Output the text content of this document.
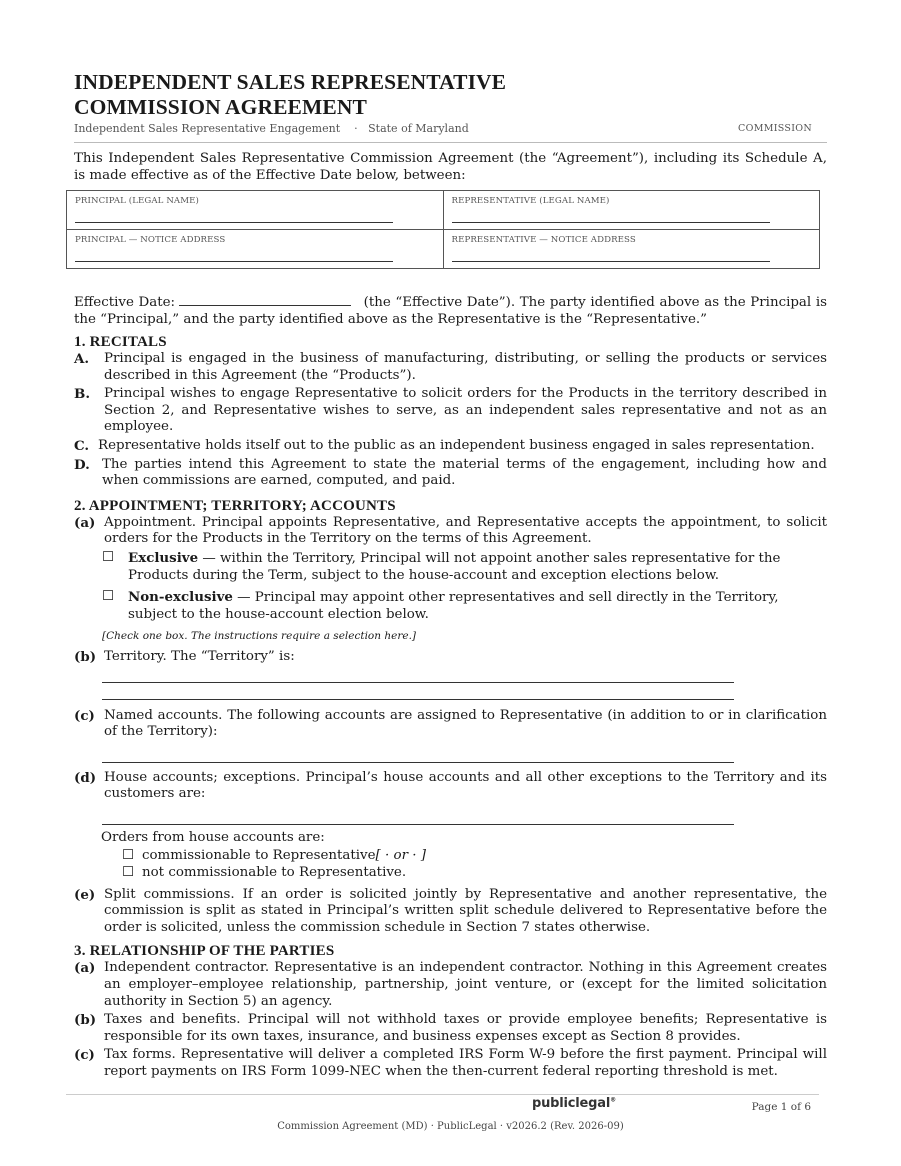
INDEPENDENT SALES REPRESENTATIVE
COMMISSION AGREEMENT
Independent Sales Representative Engagement · State of Maryland	COMMISSION
This Independent Sales Representative Commission Agreement (the “Agreement”), including its Schedule A, is made effective as of the Effective Date below, between:
PRINCIPAL (LEGAL NAME)	REPRESENTATIVE (LEGAL NAME)

PRINCIPAL — NOTICE ADDRESS	REPRESENTATIVE — NOTICE ADDRESS
Effective Date:	(the “Effective Date”). The party identified above as the Principal is the “Principal,” and the party identified above as the Representative is the “Representative.”
1. RECITALS
A. Principal is engaged in the business of manufacturing, distributing, or selling the products or services described in this Agreement (the “Products”).
B. Principal wishes to engage Representative to solicit orders for the Products in the territory described in Section 2, and Representative wishes to serve, as an independent sales representative and not as an employee.
C. Representative holds itself out to the public as an independent business engaged in sales representation.
D. The parties intend this Agreement to state the material terms of the engagement, including how and when commissions are earned, computed, and paid.
2. APPOINTMENT; TERRITORY; ACCOUNTS
(a) Appointment. Principal appoints Representative, and Representative accepts the appointment, to solicit orders for the Products in the Territory on the terms of this Agreement.
☐ Exclusive — within the Territory, Principal will not appoint another sales representative for the Products during the Term, subject to the house-account and exception elections below.
☐ Non-exclusive — Principal may appoint other representatives and sell directly in the Territory, subject to the house-account election below.
[Check one box. The instructions require a selection here.]
(b) Territory. The “Territory” is:
(c) Named accounts. The following accounts are assigned to Representative (in addition to or in clarification of the Territory):
(d) House accounts; exceptions. Principal’s house accounts and all other exceptions to the Territory and its customers are:
Orders from house accounts are:
☐ commissionable to Representative[ · or · ]
☐ not commissionable to Representative.
(e) Split commissions. If an order is solicited jointly by Representative and another representative, the commission is split as stated in Principal’s written split schedule delivered to Representative before the order is solicited, unless the commission schedule in Section 7 states otherwise.
3. RELATIONSHIP OF THE PARTIES
(a) Independent contractor. Representative is an independent contractor. Nothing in this Agreement creates an employer–employee relationship, partnership, joint venture, or (except for the limited solicitation authority in Section 5) an agency.
(b) Taxes and benefits. Principal will not withhold taxes or provide employee benefits; Representative is responsible for its own taxes, insurance, and business expenses except as Section 8 provides.
(c) Tax forms. Representative will deliver a completed IRS Form W-9 before the first payment. Principal will report payments on IRS Form 1099-NEC when the then-current federal reporting threshold is met.
publiclegal®
Page 1 of 6
Commission Agreement (MD) · PublicLegal · v2026.2 (Rev. 2026-09)
